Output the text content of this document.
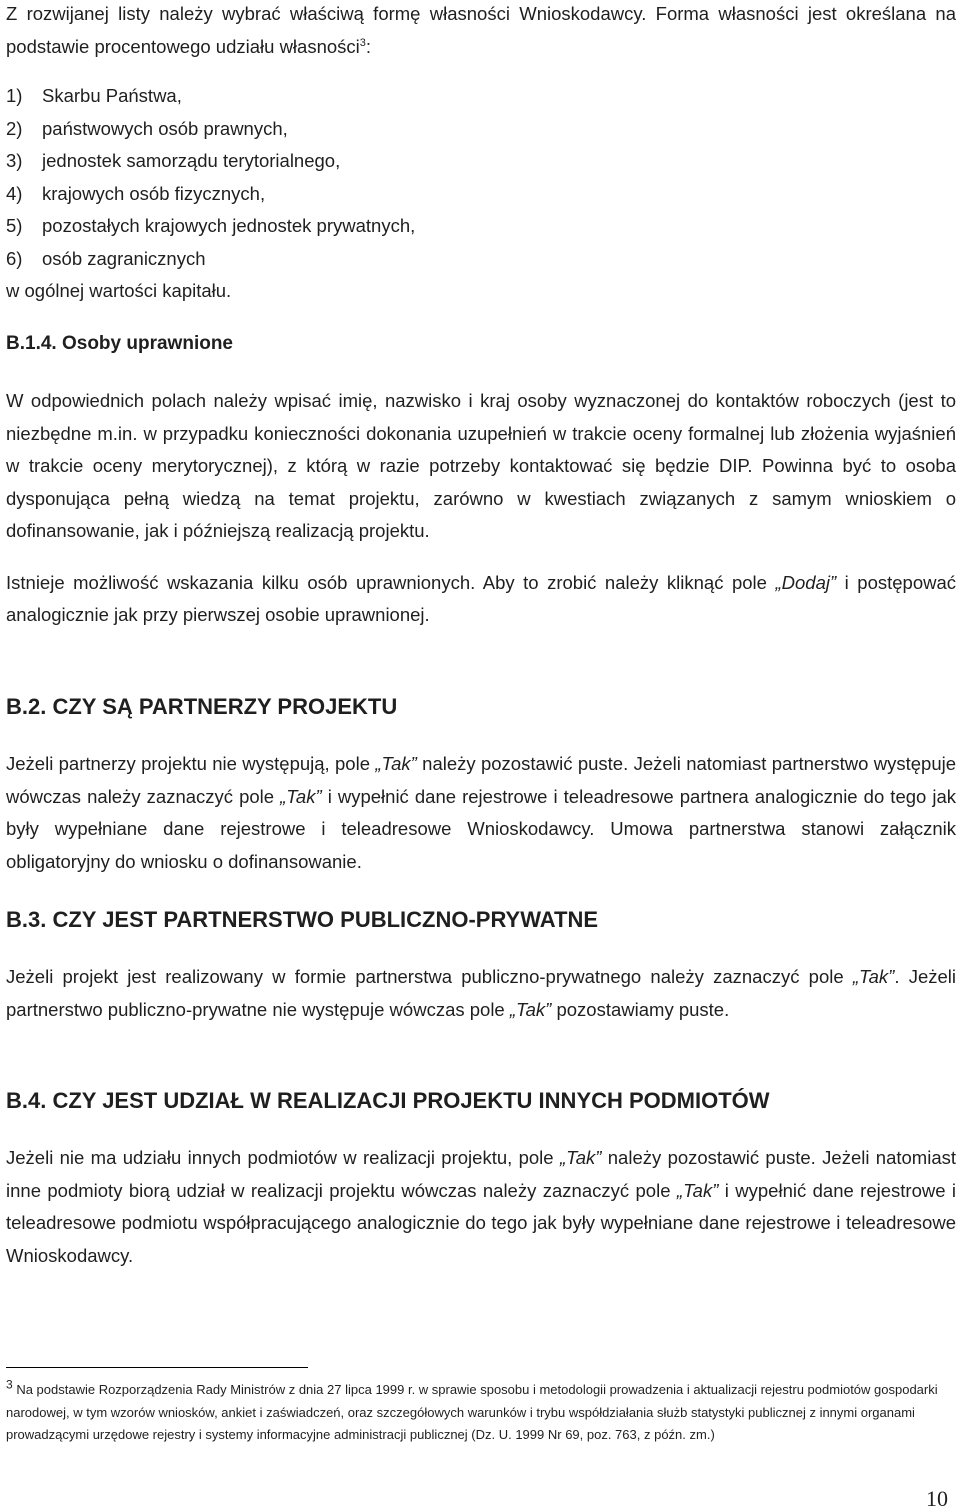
Z rozwijanej listy należy wybrać właściwą formę własności Wnioskodawcy. Forma własności jest określana na podstawie procentowego udziału własności$^3$:

1) Skarbu Państwa,
2) państwowych osób prawnych,
3) jednostek samorządu terytorialnego,
4) krajowych osób fizycznych,
5) pozostałych krajowych jednostek prywatnych,
6) osób zagranicznych
w ogólnej wartości kapitału.
B.1.4. Osoby uprawnione

W odpowiednich polach należy wpisać imię, nazwisko i kraj osoby wyznaczonej do kontaktów roboczych (jest to niezbędne m.in. w przypadku konieczności dokonania uzupełnień w trakcie oceny formalnej lub złożenia wyjaśnień w trakcie oceny merytorycznej), z którą w razie potrzeby kontaktować się będzie DIP. Powinna być to osoba dysponująca pełną wiedzą na temat projektu, zarówno w kwestiach związanych z samym wnioskiem o dofinansowanie, jak i późniejszą realizacją projektu.

Istnieje możliwość wskazania kilku osób uprawnionych. Aby to zrobić należy kliknąć pole „Dodaj” i postępować analogicznie jak przy pierwszej osobie uprawnionej.

B.2. CZY SĄ PARTNERZY PROJEKTU

Jeżeli partnerzy projektu nie występują, pole „Tak” należy pozostawić puste. Jeżeli natomiast partnerstwo występuje wówczas należy zaznaczyć pole „Tak” i wypełnić dane rejestrowe i teleadresowe partnera analogicznie do tego jak były wypełniane dane rejestrowe i teleadresowe Wnioskodawcy. Umowa partnerstwa stanowi załącznik obligatoryjny do wniosku o dofinansowanie.

B.3. CZY JEST PARTNERSTWO PUBLICZNO-PRYWATNE

Jeżeli projekt jest realizowany w formie partnerstwa publiczno-prywatnego należy zaznaczyć pole „Tak”. Jeżeli partnerstwo publiczno-prywatne nie występuje wówczas pole „Tak” pozostawiamy puste.

B.4. CZY JEST UDZIAŁ W REALIZACJI PROJEKTU INNYCH PODMIOTÓW

Jeżeli nie ma udziału innych podmiotów w realizacji projektu, pole „Tak” należy pozostawić puste. Jeżeli natomiast inne podmioty biorą udział w realizacji projektu wówczas należy zaznaczyć pole „Tak” i wypełnić dane rejestrowe i teleadresowe podmiotu współpracującego analogicznie do tego jak były wypełniane dane rejestrowe i teleadresowe Wnioskodawcy.

$^3$ Na podstawie Rozporządzenia Rady Ministrów z dnia 27 lipca 1999 r. w sprawie sposobu i metodologii prowadzenia i aktualizacji rejestru podmiotów gospodarki narodowej, w tym wzorów wniosków, ankiet i zaświadczeń, oraz szczegółowych warunków i trybu współdziałania służb statystyki publicznej z innymi organami prowadzącymi urzędowe rejestry i systemy informacyjne administracji publicznej (Dz. U. 1999 Nr 69, poz. 763, z późn. zm.)

10
